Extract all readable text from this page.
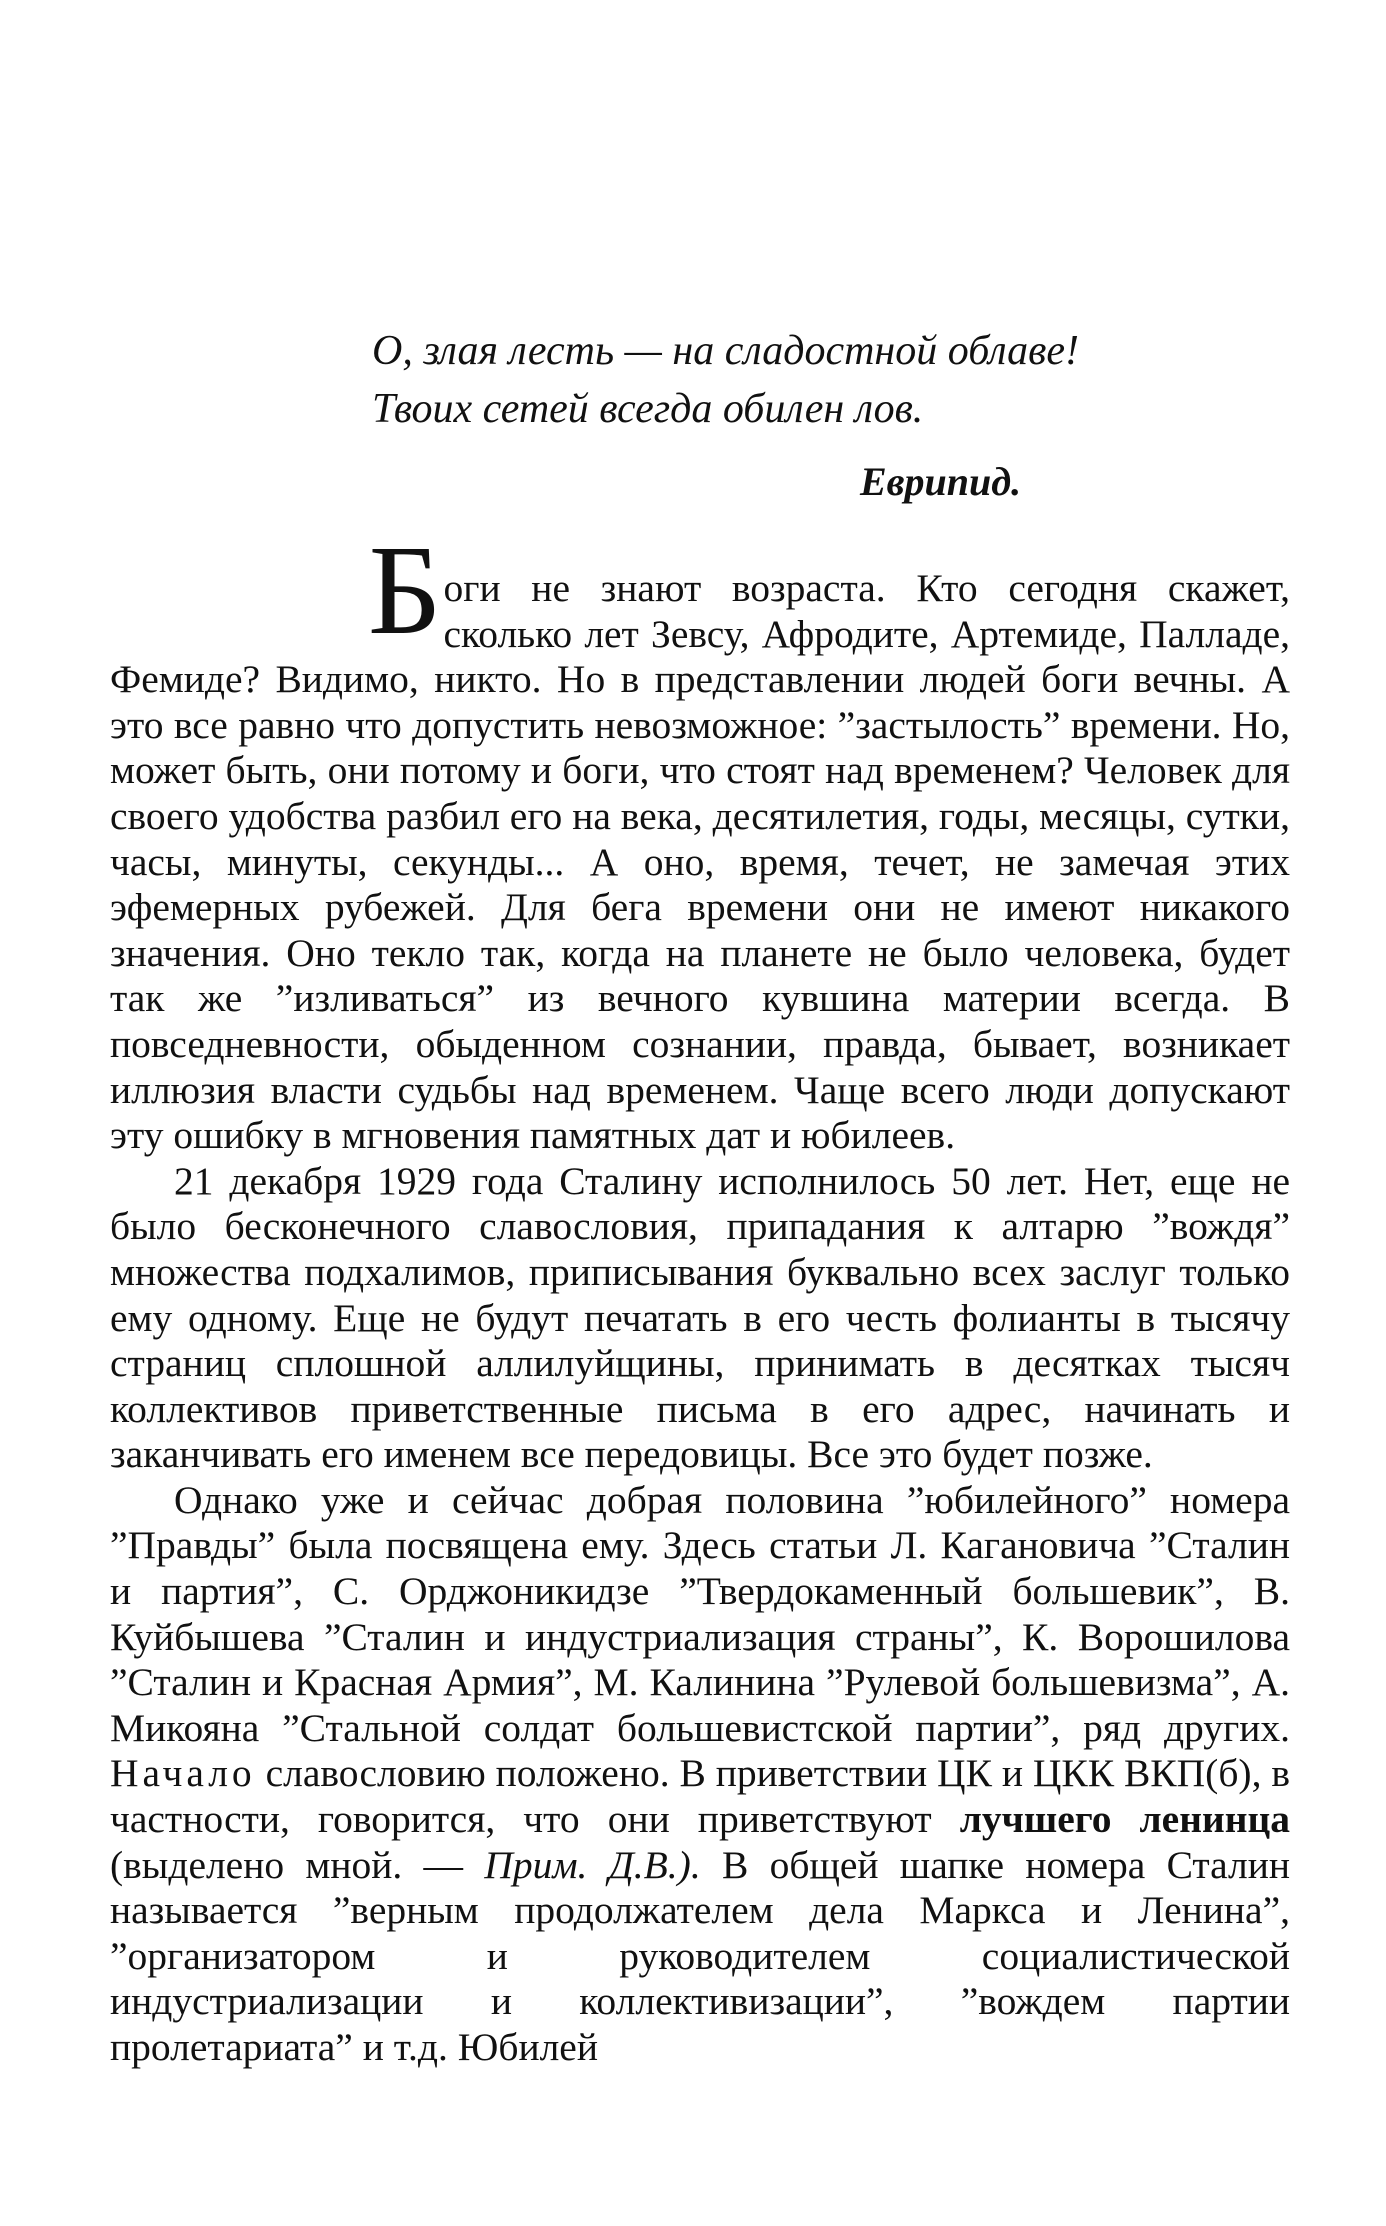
О, злая лесть — на сладостной облаве!
Твоих сетей всегда обилен лов.
Еврипид.

Боги не знают возраста. Кто сегодня скажет, сколько лет Зевсу, Афродите, Артемиде, Палладе, Фемиде? Видимо, никто. Но в представлении людей боги вечны. А это все равно что допустить невозможное: ”застылость” времени. Но, может быть, они потому и боги, что стоят над временем? Человек для своего удобства разбил его на века, десятилетия, годы, месяцы, сутки, часы, минуты, секунды... А оно, время, течет, не замечая этих эфемерных рубежей. Для бега времени они не имеют никакого значения. Оно текло так, когда на планете не было человека, будет так же ”изливаться” из вечного кувшина материи всегда. В повседневности, обыденном сознании, правда, бывает, возникает иллюзия власти судьбы над временем. Чаще всего люди допускают эту ошибку в мгновения памятных дат и юбилеев.

21 декабря 1929 года Сталину исполнилось 50 лет. Нет, еще не было бесконечного славословия, припадания к алтарю ”вождя” множества подхалимов, приписывания буквально всех заслуг только ему одному. Еще не будут печатать в его честь фолианты в тысячу страниц сплошной аллилуйщины, принимать в десятках тысяч коллективов приветственные письма в его адрес, начинать и заканчивать его именем все передовицы. Все это будет позже.

Однако уже и сейчас добрая половина ”юбилейного” номера ”Правды” была посвящена ему. Здесь статьи Л. Кагановича ”Сталин и партия”, С. Орджоникидзе ”Твердокаменный большевик”, В. Куйбышева ”Сталин и индустриализация страны”, К. Ворошилова ”Сталин и Красная Армия”, М. Калинина ”Рулевой большевизма”, А. Микояна ”Стальной солдат большевистской партии”, ряд других. Начало славословию положено. В приветствии ЦК и ЦКК ВКП(б), в частности, говорится, что они приветствуют лучшего ленинца (выделено мной. — Прим. Д.В.). В общей шапке номера Сталин называется ”верным продолжателем дела Маркса и Ленина”, ”организатором и руководителем социалистической индустриализации и коллективизации”, ”вождем партии пролетариата” и т.д. Юбилей
